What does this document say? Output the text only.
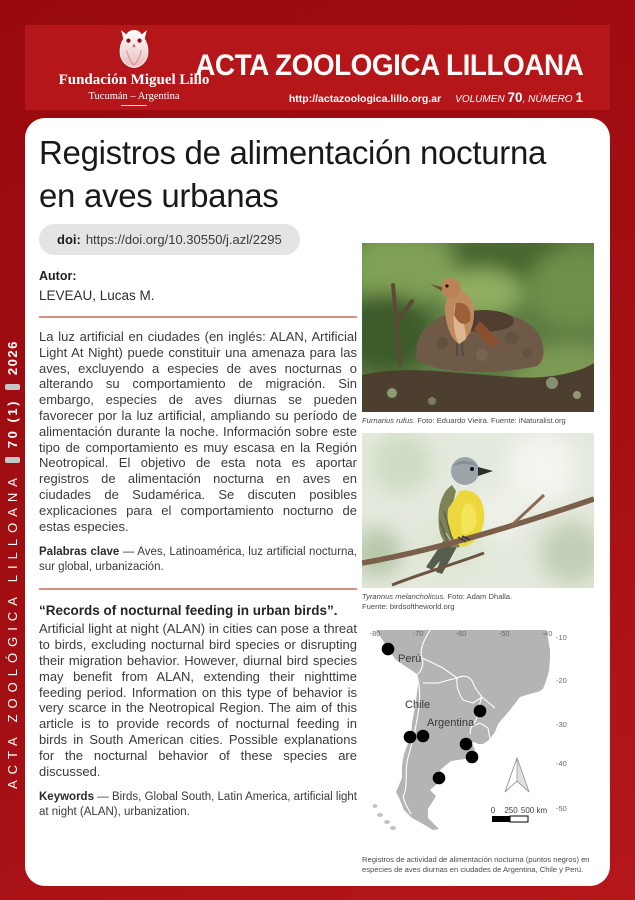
ACTA ZOOLÓGICA LILLOANA
70 (1)
2026
Fundación Miguel Lillo
Tucumán – Argentina
ACTA ZOOLOGICA LILLOANA
http://actazoologica.lillo.org.ar VOLUMEN 70, NÚMERO 1
Registros de alimentación nocturna
en aves urbanas
doi: https://doi.org/10.30550/j.azl/2295
Autor:
LEVEAU, Lucas M.
La luz artificial en ciudades (en inglés: ALAN, Artificial Light At Night) puede constituir una amenaza para las aves, excluyendo a especies de aves nocturnas o alterando su comportamiento de migración. Sin embargo, especies de aves diurnas se pueden favorecer por la luz artificial, ampliando su período de alimentación durante la noche. Información sobre este tipo de comportamiento es muy escasa en la Región Neotropical. El objetivo de esta nota es aportar registros de alimentación nocturna en aves en ciudades de Sudamérica. Se discuten posibles explicaciones para el comportamiento nocturno de estas especies.
Palabras clave — Aves, Latinoamérica, luz artificial nocturna, sur global, urbanización.
“Records of nocturnal feeding in urban birds”.
Artificial light at night (ALAN) in cities can pose a threat to birds, excluding nocturnal bird species or disrupting their migration behavior. However, diurnal bird species may benefit from ALAN, extending their nighttime feeding period. Information on this type of behavior is very scarce in the Neotropical Region. The aim of this article is to provide records of nocturnal feeding in birds in South American cities. Possible explanations for the nocturnal behavior of these species are discussed.
Keywords — Birds, Global South, Latin America, artificial light at night (ALAN), urbanization.
Furnarius rufus. Foto: Eduardo Vieira. Fuente: iNaturalist.org
Tyrannus melancholicus. Foto: Adam Dhalla.
Fuente: birdsoftheworld.org
-80	-70	-60	-50	-40 -10
-20
-30
-40
-50
Perú
Chile
Argentina
0 250 500 km
Registros de actividad de alimentación nocturna (puntos negros) en especies de aves diurnas en ciudades de Argentina, Chile y Perú.
